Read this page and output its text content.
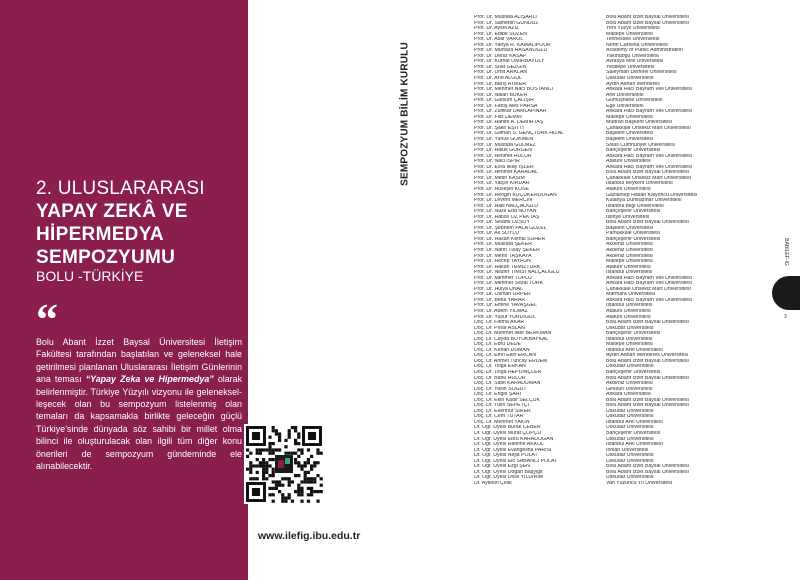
2. ULUSLARARASI
YAPAY ZEKÂ VE
HİPERMEDYA
SEMPOZYUMU
BOLU -TÜRKİYE
“

Bolu Abant İzzet Baysal Üniversitesi İletişim Fakültesi tarafından başlatılan ve geleneksel hale getirilmesi planlanan Uluslararası İletişim Günlerinin ana teması “Yapay Zeka ve Hipermedya” olarak belirlenmiştir. Türkiye Yüzyılı vizyonu ile gelenekselleşecek olan bu sempozyum listelenmiş olan temaları da kapsamakla birlikte geleceğin güçlü Türkiye’sinde dünyada söz sahibi bir millet olma bilinci ile oluşturulacak olan ilgili tüm diğer konu önerileri de sempozyum gündeminde ele alınabilecektir.

www.ilefig.ibu.edu.tr
SEMPOZYUM BİLİM KURULU
Prof. Dr. Mustafa ALIŞARLI	Bolu Abant İzzet Baysal Üniversitesi
Prof. Dr. Samettin GÜNDÜZ	Bolu Abant İzzet Baysal Üniversitesi
Prof. Dr. Aysel AZİZ	Yeni Yüzyıl Üniversitesi
Prof. Dr. Edibe SÖZEN	Maltepe Üniversitesi
Prof. Dr. Asaf VAROL	Tennessee Üniversitesi
Prof. Dr. Yahya R. KAMALIPOUR	North Carolina Üniversitesi
Prof. Dr. Murtaza HASANOĞLU	Academy of Public Administration
Prof. Dr. Deniz KASAP	Yakındoğu Üniversitesi
Prof. Dr. Kurnat OMIRBAYULY	Avrasya Milli Üniversitesi
Prof. Dr. Suat GEZGİN	Yeditepe Üniversitesi
Prof. Dr. Ümit ARKLAN	Süleyman Demirel Üniversitesi
Prof. Dr. Arıd ALGÜL	Üsküdar Üniversitesi
Prof. Dr. Barış ATİKER	Aydın Adnan Menderes
Prof. Dr. Mehmet Nacİ BOSTANCI	Ankara Hacı Bayram Veli Üniversitesi
Prof. Dr. Nalan BÜKER	Arel Üniversitesi
Prof. Dr. Gülsüm ÇALIŞIR	Gümüşhane Üniversitesi
Prof. Dr. Fatoş Ales PARSA	Ege Üniversitesi
Prof. Dr. Zülfikar DAMLAPINAR	Ankara Hacı Bayram Veli Üniversitesi
Prof. Dr. Filiz DEMİR	Maltepe Üniversitesi
Prof. Dr. Hanife A. DEMİRTAŞ	Mudran Başkent Üniversitesi
Prof. Dr. Şakir EŞİTTİ	Çanakkale Onsekiz Mart Üniversitesi
Prof. Dr. Gilman S. GENÇTÜRK HİZAL	Başkent Üniversitesi
Prof. Dr. Yunus GÖKMEN	Başkent Üniversitesi
Prof. Dr. Mustafa GÜLMEZ	Sivas Cumhuriyet Üniversitesi
Prof. Dr. Haluk GÜRGEN	Bahçeşehir Üniversitesi
Prof. Dr. Himmet HÜLÜR	Ankara Hacı Bayram Veli Üniversitesi
Prof. Dr. Naci İSPİR	Atatürk Üniversitesi
Prof. Dr. Esra İlkay İŞLER	Ankara Hacı Bayram Veli Üniversitesi
Prof. Dr. Himmet KARADAL	Bolu Abant İzzet Baysal Üniversitesi
Prof. Dr. Metin KASIM	Çanakkale Onsekiz Mart Üniversitesi
Prof. Dr. Yalçın KIRDAR	İstanbul Beykent Üniversitesi
Prof. Dr. Hüseyin KÖSE	Atatürk Üniversitesi
Prof. Dr. Rengin KÜÇÜKERDOĞAN	Gaziantep Hasan Kalyoncu Üniversitesi
Prof. Dr. Levent MERCİN	Kütahya Dumlupınar Üniversitesi
Prof. Dr. Halil NALÇAOĞLU	İstanbul Bilgi Üniversitesi
Prof. Dr. Nazlı Eda NOYAN	Bahçeşehir Üniversitesi
Prof. Dr. Hatice ÖZ PEKTAŞ	İstinye Üniversitesi
Prof. Dr. Selami ÖZSOY	Bolu Abant İzzet Baysal Üniversitesi
Prof. Dr. Şebnem PALA GÜZEL	Başkent Üniversitesi
Prof. Dr. Ali SOYLU	Pamukkale Üniversitesi
Prof. Dr. Hasan Kemal SÜHER	Bahçeşehir Üniversitesi
Prof. Dr. Mustafa ŞEKER	Akdeniz Üniversitesi
Prof. Dr. Narin Tülay ŞEKER	Akdeniz Üniversitesi
Prof. Dr. Merih TAŞKAYA	Akdeniz Üniversitesi
Prof. Dr. Recep TAYFUN	Maltepe Üniversitesi
Prof. Dr. Hakan TEMİZTÜRK	Atatürk Üniversitesi
Prof. Dr. Nilüfer TİMİSİ NALÇAOĞLU	İstanbul Üniversitesi
Prof. Dr. Mehmet TOPLU	Ankara Hacı Bayram Veli Üniversitesi
Prof. Dr. Mehmet Sezai TÜRK	Ankara Hacı Bayram Veli Üniversitesi
Prof. Dr. Hülya UNAL	Çanakkale Onsekiz Mart Üniversitesi
Prof. Dr. Osman ÜRPER	Marmara Üniversitesi
Prof. Dr. Betül YARAR	Ankara Hacı Bayram Veli Üniversitesi
Prof. Dr. Emine YAVAŞGEL	İstanbul Üniversitesi
Prof. Dr. Adem YILMAZ	Atatürk Üniversitesi
Prof. Dr. Yusuf YURDIGÜL	Atatürk Üniversitesi
Doç. Dr. Fatma AKAR	Bolu Abant İzzet Baysal Üniversitesi
Doç. Dr. Pınar ASLAN	Üsküdar Üniversitesi
Doç. Dr. Mehmet İlker BERKMAN	Bahçeşehir Üniversitesi
Doç. Dr. Ceyda BÜYÜKBAYKAL	İstanbul Üniversitesi
Doç. Dr. Ebru DEDE	Maltepe Üniversitesi
Doç. Dr. Kenan DUMAN	İstanbul Arel Üniversitesi
Doç. Dr. Emri Ekin ERCAN	Aydın Adnan Menderes Üniversitesi
Doç. Dr. Ahmet Tuncay ERDEM	Bolu Abant İzzet Baysal Üniversitesi
Doç. Dr. Tolga ERKAN	Üsküdar Üniversitesi
Doç. Dr. Tolga HEPDİNÇLER	Bahçeşehir Üniversitesi
Doç. Dr. Banu HÜLÜR	Bolu Abant İzzet Baysal Üniversitesi
Doç. Dr. Sibel KARADUMAN	Akdeniz Üniversitesi
Doç. Dr. Yasin SÖĞÜT	Giresun Üniversitesi
Doç. Dr. Engin ŞAHİ	Ankara Üniversitesi
Doç. Dr. Ekin Kadir SELÇUK	Bolu Abant İzzet Baysal Üniversitesi
Doç. Dr. Tülin SEPETÇİ	Bolu Abant İzzet Baysal Üniversitesi
Doç. Dr. Esennur SİRER	Üsküdar Üniversitesi
Doç. Dr. Cem TUTAR	Üsküdar Üniversitesi
Doç. Dr. Mehmet YAKIN	İstanbul Arel Üniversitesi
Dr. Öğr. Üyesi Burak CEBER	Üsküdar Üniversitesi
Dr. Öğr. Üyesi Murat ÇÖPÇÜ	Bahçeşehir Üniversitesi
Dr. Öğr. Üyesi Ebru KARADOĞAN	Üsküdar Üniversitesi
Dr. Öğr. Üyesi Rahime AKKOL	İstanbul Arel Üniversitesi
Dr. Öğr. Üyesi Evangelina PARISI	Ionian Üniversitesi
Dr. Öğr. Üyesi Nejla POLAT	Üsküdar Üniversitesi
Dr. Öğr. Üyesi Elif SABANCI POLAT	Üsküdar Üniversitesi
Dr. Öğr. Üyesi Ezgi ŞEN	Bolu Abant İzzet Baysal Üniversitesi
Dr. Öğr. Üyesi Doğan Başyiğit	Bolu Abant İzzet Baysal Üniversitesi
Dr. Öğr. Üyesi Dicle YILDIRIM	Üsküdar Üniversitesi
Dr. Aytekin Çelik	Van Yüzüncü Yıl Üniversitesi
BABILEF-IG
3
